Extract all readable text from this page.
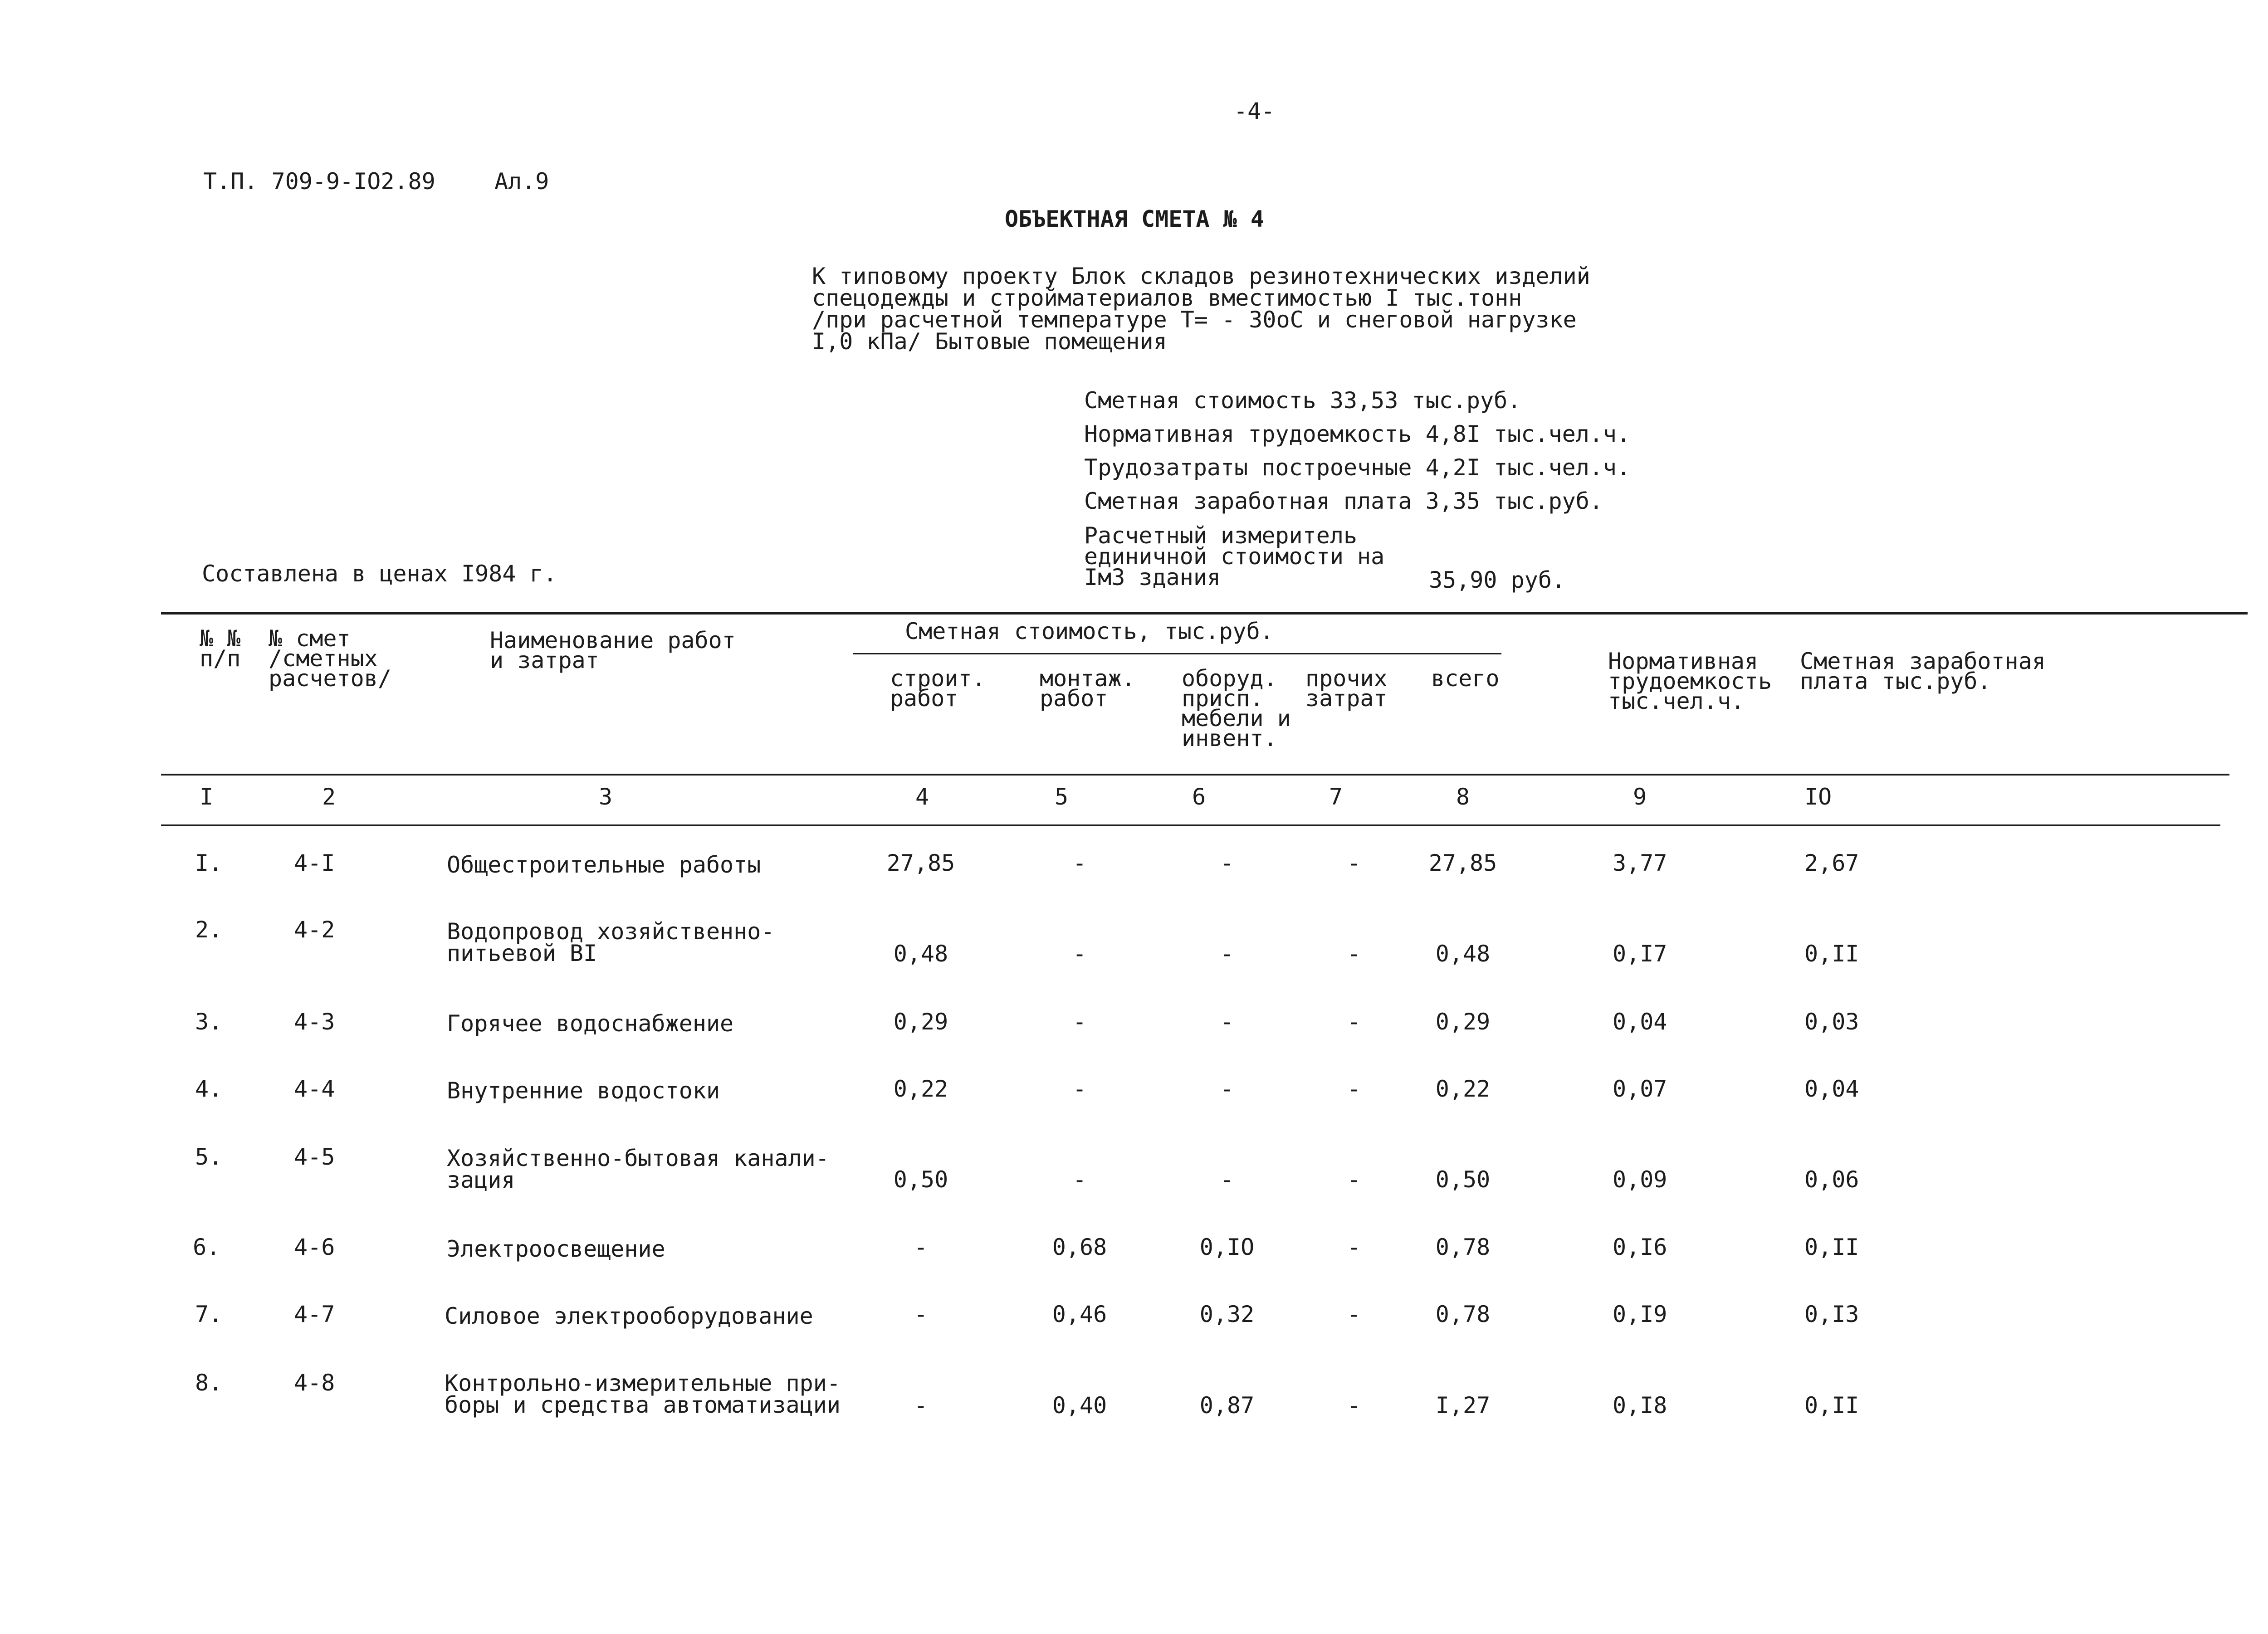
-4-
Т.П. 709-9-IO2.89	Ал.9
ОБЪЕКТНАЯ СМЕТА № 4
К типовому проекту Блок складов резинотехнических изделий
спецодежды и стройматериалов вместимостью I тыс.тонн
/при расчетной температуре Т= - 30оС и снеговой нагрузке
I,0 кПа/ Бытовые помещения
Сметная стоимость 33,53 тыс.руб.
Нормативная трудоемкость 4,8I тыс.чел.ч.
Трудозатраты построечные 4,2I тыс.чел.ч.
Сметная заработная плата 3,35 тыс.руб.
Расчетный измеритель
единичной стоимости на
Iм3 здания	35,90 руб.
Составлена в ценах I984 г.
№ №
п/п
№ смет
/сметных
расчетов/
Наименование работ
и затрат
Сметная стоимость, тыс.руб.
строит.
работ
монтаж.
работ
оборуд.
присп.
мебели и
инвент.
прочих
затрат
всего
Нормативная
трудоемкость
тыс.чел.ч.
Сметная заработная
плата тыс.руб.
I	2	3	4	5	6	7	8	9	IO
I.	4-I	Общестроительные работы	27,85	-	-	-	27,85	3,77	2,67
2.	4-2	Водопровод хозяйственно-
питьевой BI	0,48	-	-	-	0,48	0,I7	0,II
3.	4-3	Горячее водоснабжение	0,29	-	-	-	0,29	0,04	0,03
4.	4-4	Внутренние водостоки	0,22	-	-	-	0,22	0,07	0,04
5.	4-5	Хозяйственно-бытовая канали-
зация	0,50	-	-	-	0,50	0,09	0,06
6.	4-6	Электроосвещение	-	0,68	0,IO	-	0,78	0,I6	0,II
7.	4-7	Силовое электрооборудование	-	0,46	0,32	-	0,78	0,I9	0,I3
8.	4-8	Контрольно-измерительные при-
боры и средства автоматизации	-	0,40	0,87	-	I,27	0,I8	0,II
